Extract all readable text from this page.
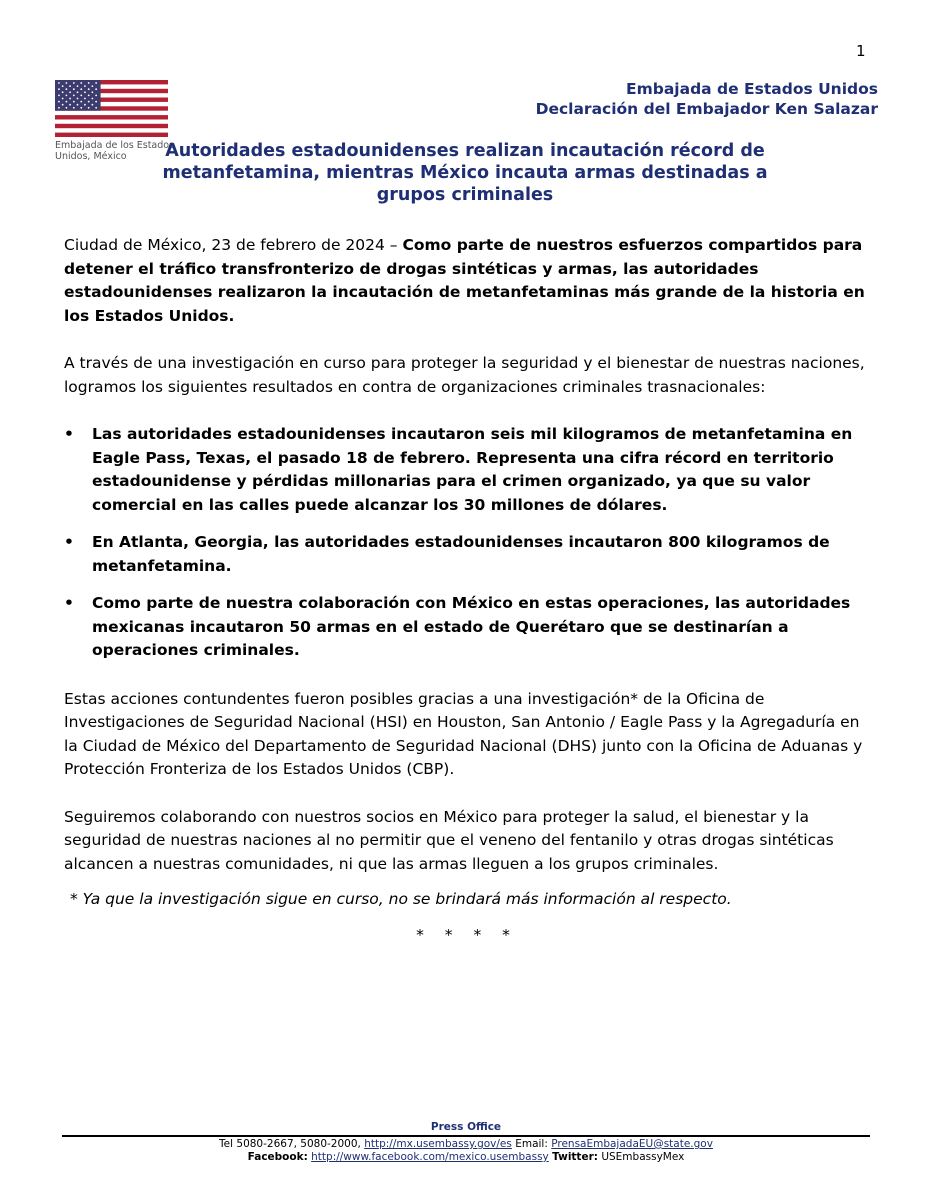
1
Embajada de los Estados Unidos, México
Embajada de Estados Unidos
Declaración del Embajador Ken Salazar
Autoridades estadounidenses realizan incautación récord de metanfetamina, mientras México incauta armas destinadas a grupos criminales

Ciudad de México, 23 de febrero de 2024 – Como parte de nuestros esfuerzos compartidos para detener el tráfico transfronterizo de drogas sintéticas y armas, las autoridades estadounidenses realizaron la incautación de metanfetaminas más grande de la historia en los Estados Unidos.

A través de una investigación en curso para proteger la seguridad y el bienestar de nuestras naciones, logramos los siguientes resultados en contra de organizaciones criminales trasnacionales:

• Las autoridades estadounidenses incautaron seis mil kilogramos de metanfetamina en Eagle Pass, Texas, el pasado 18 de febrero. Representa una cifra récord en territorio estadounidense y pérdidas millonarias para el crimen organizado, ya que su valor comercial en las calles puede alcanzar los 30 millones de dólares.
• En Atlanta, Georgia, las autoridades estadounidenses incautaron 800 kilogramos de metanfetamina.
• Como parte de nuestra colaboración con México en estas operaciones, las autoridades mexicanas incautaron 50 armas en el estado de Querétaro que se destinarían a operaciones criminales.

Estas acciones contundentes fueron posibles gracias a una investigación* de la Oficina de Investigaciones de Seguridad Nacional (HSI) en Houston, San Antonio / Eagle Pass y la Agregaduría en la Ciudad de México del Departamento de Seguridad Nacional (DHS) junto con la Oficina de Aduanas y Protección Fronteriza de los Estados Unidos (CBP).

Seguiremos colaborando con nuestros socios en México para proteger la salud, el bienestar y la seguridad de nuestras naciones al no permitir que el veneno del fentanilo y otras drogas sintéticas alcancen a nuestras comunidades, ni que las armas lleguen a los grupos criminales.

* Ya que la investigación sigue en curso, no se brindará más información al respecto.

* * * *

Press Office
Tel 5080-2667, 5080-2000, http://mx.usembassy.gov/es Email: PrensaEmbajadaEU@state.gov
Facebook: http://www.facebook.com/mexico.usembassy Twitter: USEmbassyMex
